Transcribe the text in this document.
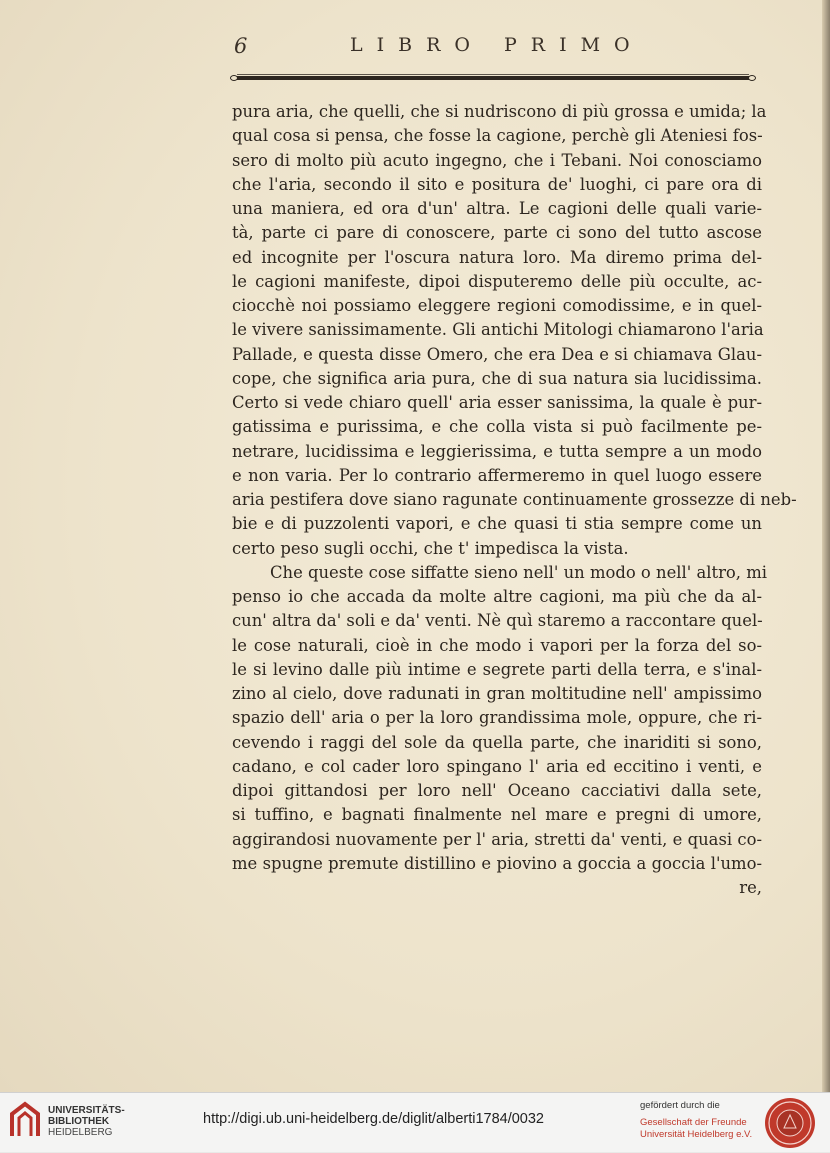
6	LIBRO PRIMO
pura aria, che quelli, che si nudriscono di più grossa e umida; la
qual cosa si pensa, che fosse la cagione, perchè gli Ateniesi fos-
sero di molto più acuto ingegno, che i Tebani. Noi conosciamo
che l'aria, secondo il sito e positura de' luoghi, ci pare ora di
una maniera, ed ora d'un' altra. Le cagioni delle quali varie-
tà, parte ci pare di conoscere, parte ci sono del tutto ascose
ed incognite per l'oscura natura loro. Ma diremo prima del-
le cagioni manifeste, dipoi disputeremo delle più occulte, ac-
ciocchè noi possiamo eleggere regioni comodissime, e in quel-
le vivere sanissimamente. Gli antichi Mitologi chiamarono l'aria
Pallade, e questa disse Omero, che era Dea e si chiamava Glau-
cope, che significa aria pura, che di sua natura sia lucidissima.
Certo si vede chiaro quell' aria esser sanissima, la quale è pur-
gatissima e purissima, e che colla vista si può facilmente pe-
netrare, lucidissima e leggierissima, e tutta sempre a un modo
e non varia. Per lo contrario affermeremo in quel luogo essere
aria pestifera dove siano ragunate continuamente grossezze di neb-
bie e di puzzolenti vapori, e che quasi ti stia sempre come un
certo peso sugli occhi, che t' impedisca la vista.
Che queste cose siffatte sieno nell' un modo o nell' altro, mi
penso io che accada da molte altre cagioni, ma più che da al-
cun' altra da' soli e da' venti. Nè quì staremo a raccontare quel-
le cose naturali, cioè in che modo i vapori per la forza del so-
le si levino dalle più intime e segrete parti della terra, e s'inal-
zino al cielo, dove radunati in gran moltitudine nell' ampissimo
spazio dell' aria o per la loro grandissima mole, oppure, che ri-
cevendo i raggi del sole da quella parte, che inariditi si sono,
cadano, e col cader loro spingano l' aria ed eccitino i venti, e
dipoi gittandosi per loro nell' Oceano cacciativi dalla sete,
si tuffino, e bagnati finalmente nel mare e pregni di umore,
aggirandosi nuovamente per l' aria, stretti da' venti, e quasi co-
me spugne premute distillino e piovino a goccia a goccia l'umo-
re,
UNIVERSITÄTS-
BIBLIOTHEK
HEIDELBERG
http://digi.ub.uni-heidelberg.de/diglit/alberti1784/0032
gefördert durch die
Gesellschaft der Freunde
Universität Heidelberg e.V.
